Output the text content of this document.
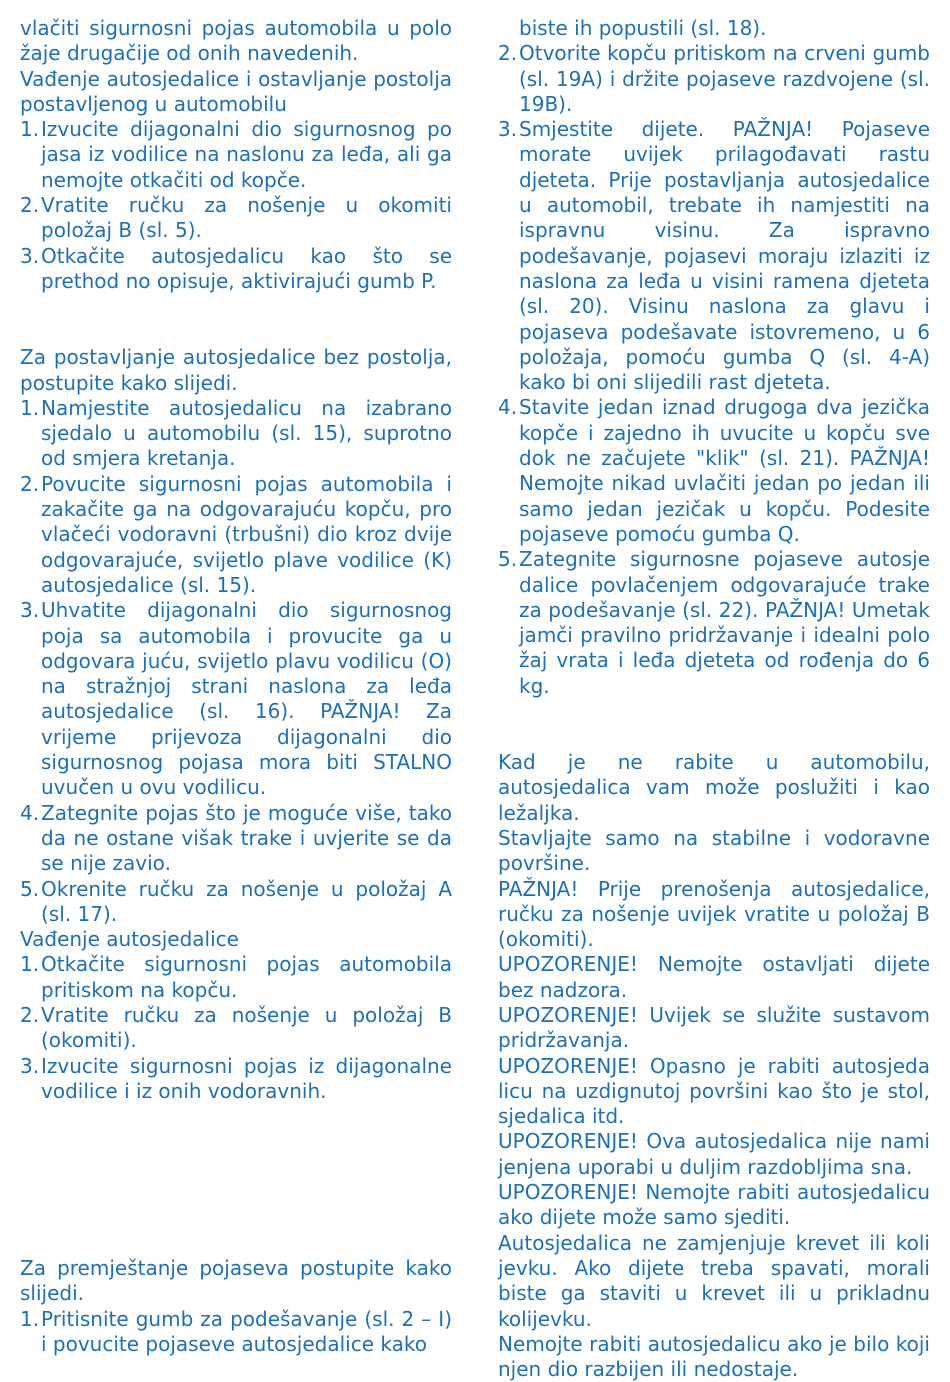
vlačiti sigurnosni pojas automobila u polo žaje drugačije od onih navedenih.

Vađenje autosjedalice i ostavljanje postolja postavljenog u automobilu

1. Izvucite dijagonalni dio sigurnosnog po jasa iz vodilice na naslonu za leđa, ali ga nemojte otkačiti od kopče.
2. Vratite ručku za nošenje u okomiti položaj B (sl. 5).
3. Otkačite autosjedalicu kao što se prethod no opisuje, aktivirajući gumb P.

Za postavljanje autosjedalice bez postolja, postupite kako slijedi.

1. Namjestite autosjedalicu na izabrano sjedalo u automobilu (sl. 15), suprotno od smjera kretanja.
2. Povucite sigurnosni pojas automobila i zakačite ga na odgovarajuću kopču, pro vlačeći vodoravni (trbušni) dio kroz dvije odgovarajuće, svijetlo plave vodilice (K) autosjedalice (sl. 15).
3. Uhvatite dijagonalni dio sigurnosnog poja sa automobila i provucite ga u odgovara juću, svijetlo plavu vodilicu (O) na stražnjoj strani naslona za leđa autosjedalice (sl. 16). PAŽNJA! Za vrijeme prijevoza dijagonalni dio sigurnosnog pojasa mora biti STALNO uvučen u ovu vodilicu.
4. Zategnite pojas što je moguće više, tako da ne ostane višak trake i uvjerite se da se nije zavio.
5. Okrenite ručku za nošenje u položaj A (sl. 17).

Vađenje autosjedalice

1. Otkačite sigurnosni pojas automobila pritiskom na kopču.
2. Vratite ručku za nošenje u položaj B (okomiti).
3. Izvucite sigurnosni pojas iz dijagonalne vodilice i iz onih vodoravnih.

Za premještanje pojaseva postupite kako slijedi.

1. Pritisnite gumb za podešavanje (sl. 2 – I) i povucite pojaseve autosjedalice kako
biste ih popustili (sl. 18).
2. Otvorite kopču pritiskom na crveni gumb (sl. 19A) i držite pojaseve razdvojene (sl. 19B).
3. Smjestite dijete. PAŽNJA! Pojaseve morate uvijek prilagođavati rastu djeteta. Prije postavljanja autosjedalice u automobil, trebate ih namjestiti na ispravnu visinu. Za ispravno podešavanje, pojasevi moraju izlaziti iz naslona za leđa u visini ramena djeteta (sl. 20). Visinu naslona za glavu i pojaseva podešavate istovremeno, u 6 položaja, pomoću gumba Q (sl. 4-A) kako bi oni slijedili rast djeteta.
4. Stavite jedan iznad drugoga dva jezička kopče i zajedno ih uvucite u kopču sve dok ne začujete "klik" (sl. 21). PAŽNJA! Nemojte nikad uvlačiti jedan po jedan ili samo jedan jezičak u kopču. Podesite pojaseve pomoću gumba Q.
5. Zategnite sigurnosne pojaseve autosje dalice povlačenjem odgovarajuće trake za podešavanje (sl. 22). PAŽNJA! Umetak jamči pravilno pridržavanje i idealni polo žaj vrata i leđa djeteta od rođenja do 6 kg.

Kad je ne rabite u automobilu, autosjedalica vam može poslužiti i kao ležaljka.

Stavljajte samo na stabilne i vodoravne površine.

PAŽNJA! Prije prenošenja autosjedalice, ručku za nošenje uvijek vratite u položaj B (okomiti).

UPOZORENJE! Nemojte ostavljati dijete bez nadzora.

UPOZORENJE! Uvijek se služite sustavom pridržavanja.

UPOZORENJE! Opasno je rabiti autosjeda licu na uzdignutoj površini kao što je stol, sjedalica itd.

UPOZORENJE! Ova autosjedalica nije nami jenjena uporabi u duljim razdobljima sna.

UPOZORENJE! Nemojte rabiti autosjedalicu ako dijete može samo sjediti.

Autosjedalica ne zamjenjuje krevet ili koli jevku. Ako dijete treba spavati, morali biste ga staviti u krevet ili u prikladnu kolijevku.

Nemojte rabiti autosjedalicu ako je bilo koji njen dio razbijen ili nedostaje.
